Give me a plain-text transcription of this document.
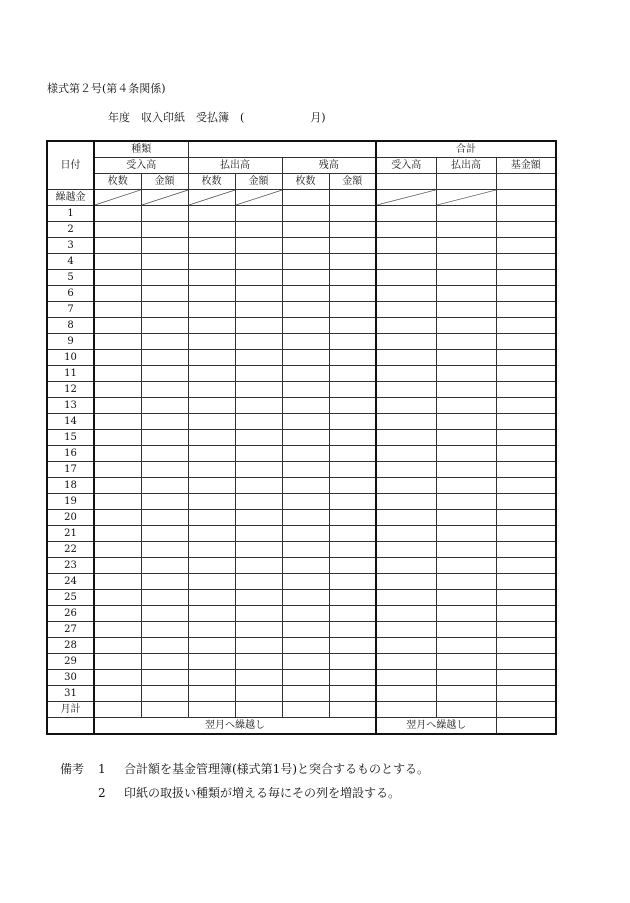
様式第２号(第４条関係)
年度　 収入印紙　受払簿　(　　　　　　	月)
日付	種類						合計		
	受入高		払出高		残高		受入高	払出高	基金額
	枚数	金額	枚数	金額	枚数	金額			
繰越金	

1									
2									
3									
4									
5									
6									
7									
8									
9									
10									
11									
12									
13									
14									
15									
16									
17									
18									
19									
20									
21									
22									
23									
24									
25									
26									
27									
28									
29									
30									
31									
月計									
	翌月へ繰越し						翌月へ繰越し		
備考	1	合計額を基金管理簿(様式第1号)と突合するものとする。
2	印紙の取扱い種類が増える毎にその列を増設する。
